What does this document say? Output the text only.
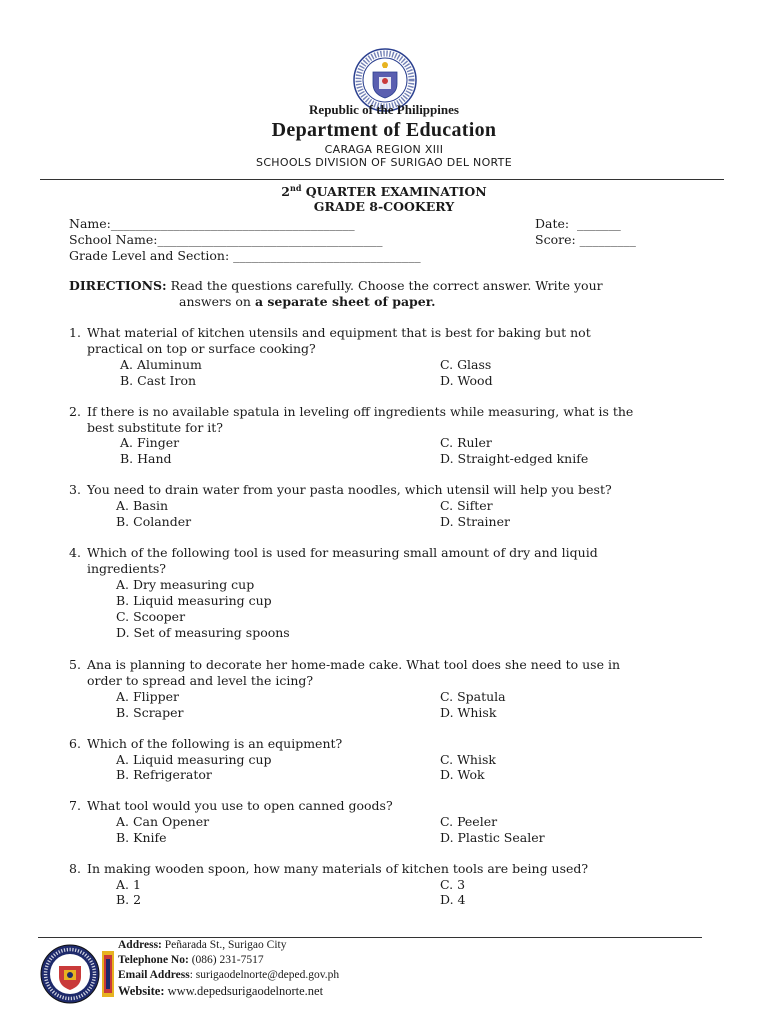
Republic of the Philippines
Department of Education
CARAGA REGION XIII
SCHOOLS DIVISION OF SURIGAO DEL NORTE
2nd QUARTER EXAMINATION
GRADE 8-COOKERY
Name:_______________________________________	Date:  _______
School Name:____________________________________	Score: _________
Grade Level and Section: ______________________________
DIRECTIONS: Read the questions carefully. Choose the correct answer. Write your
answers on a separate sheet of paper.
1. What material of kitchen utensils and equipment that is best for baking but not
practical on top or surface cooking?
A. Aluminum
B. Cast Iron
C. Glass
D. Wood
2. If there is no available spatula in leveling off ingredients while measuring, what is the
best substitute for it?
A. Finger
B. Hand
C. Ruler
D. Straight-edged knife
3. You need to drain water from your pasta noodles, which utensil will help you best?
A. Basin
B. Colander
C. Sifter
D. Strainer
4. Which of the following tool is used for measuring small amount of dry and liquid
ingredients?
A. Dry measuring cup
B. Liquid measuring cup
C. Scooper
D. Set of measuring spoons
5. Ana is planning to decorate her home-made cake. What tool does she need to use in
order to spread and level the icing?
A. Flipper
B. Scraper
C. Spatula
D. Whisk
6. Which of the following is an equipment?
A. Liquid measuring cup
B. Refrigerator
C. Whisk
D. Wok
7. What tool would you use to open canned goods?
A. Can Opener
B. Knife
C. Peeler
D. Plastic Sealer
8. In making wooden spoon, how many materials of kitchen tools are being used?
A. 1
B. 2
C. 3
D. 4
Address: Peñarada St., Surigao City
Telephone No: (086) 231-7517
Email Address: surigaodelnorte@deped.gov.ph
Website: www.depedsurigaodelnorte.net
